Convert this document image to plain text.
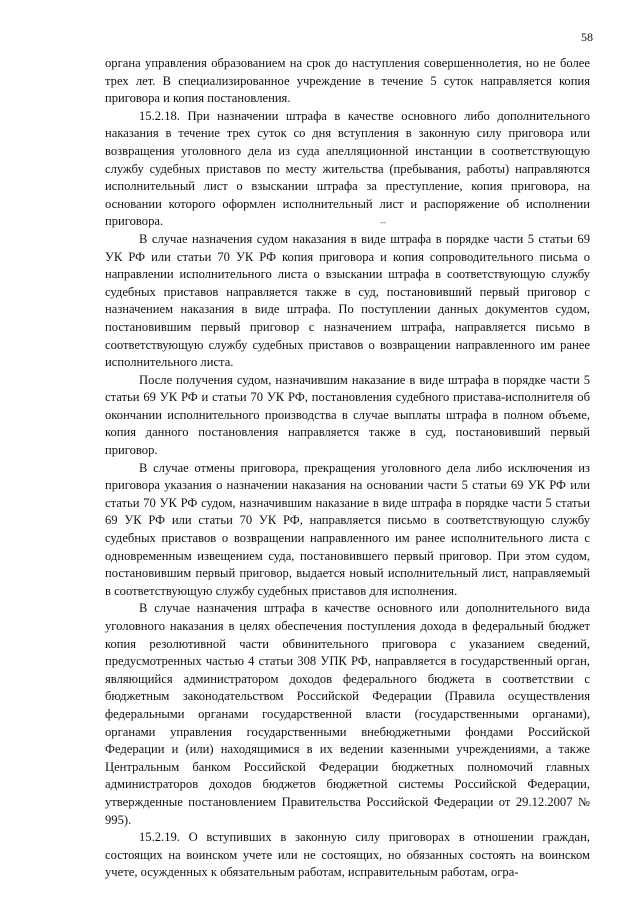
58
--

органа управления образованием на срок до наступления совершеннолетия, но не более трех лет. В специализированное учреждение в течение 5 суток направляется копия приговора и копия постановления.

15.2.18. При назначении штрафа в качестве основного либо дополнительного наказания в течение трех суток со дня вступления в законную силу приговора или возвращения уголовного дела из суда апелляционной инстанции в соответствующую службу судебных приставов по месту жительства (пребывания, работы) направляются исполнительный лист о взыскании штрафа за преступление, копия приговора, на основании которого оформлен исполнительный лист и распоряжение об исполнении приговора.

В случае назначения судом наказания в виде штрафа в порядке части 5 статьи 69 УК РФ или статьи 70 УК РФ копия приговора и копия сопроводительного письма о направлении исполнительного листа о взыскании штрафа в соответствующую службу судебных приставов направляется также в суд, постановивший первый приговор с назначением наказания в виде штрафа. По поступлении данных документов судом, постановившим первый приговор с назначением штрафа, направляется письмо в соответствующую службу судебных приставов о возвращении направленного им ранее исполнительного листа.

После получения судом, назначившим наказание в виде штрафа в порядке части 5 статьи 69 УК РФ и статьи 70 УК РФ, постановления судебного пристава-исполнителя об окончании исполнительного производства в случае выплаты штрафа в полном объеме, копия данного постановления направляется также в суд, постановивший первый приговор.

В случае отмены приговора, прекращения уголовного дела либо исключения из приговора указания о назначении наказания на основании части 5 статьи 69 УК РФ или статьи 70 УК РФ судом, назначившим наказание в виде штрафа в порядке части 5 статьи 69 УК РФ или статьи 70 УК РФ, направляется письмо в соответствующую службу судебных приставов о возвращении направленного им ранее исполнительного листа с одновременным извещением суда, постановившего первый приговор. При этом судом, постановившим первый приговор, выдается новый исполнительный лист, направляемый в соответствующую службу судебных приставов для исполнения.

В случае назначения штрафа в качестве основного или дополнительного вида уголовного наказания в целях обеспечения поступления дохода в федеральный бюджет копия резолютивной части обвинительного приговора с указанием сведений, предусмотренных частью 4 статьи 308 УПК РФ, направляется в государственный орган, являющийся администратором доходов федерального бюджета в соответствии с бюджетным законодательством Российской Федерации (Правила осуществления федеральными органами государственной власти (государственными органами), органами управления государственными внебюджетными фондами Российской Федерации и (или) находящимися в их ведении казенными учреждениями, а также Центральным банком Российской Федерации бюджетных полномочий главных администраторов доходов бюджетов бюджетной системы Российской Федерации, утвержденные постановлением Правительства Российской Федерации от 29.12.2007 № 995).

15.2.19. О вступивших в законную силу приговорах в отношении граждан, состоящих на воинском учете или не состоящих, но обязанных состоять на воинском учете, осужденных к обязательным работам, исправительным работам, огра-
